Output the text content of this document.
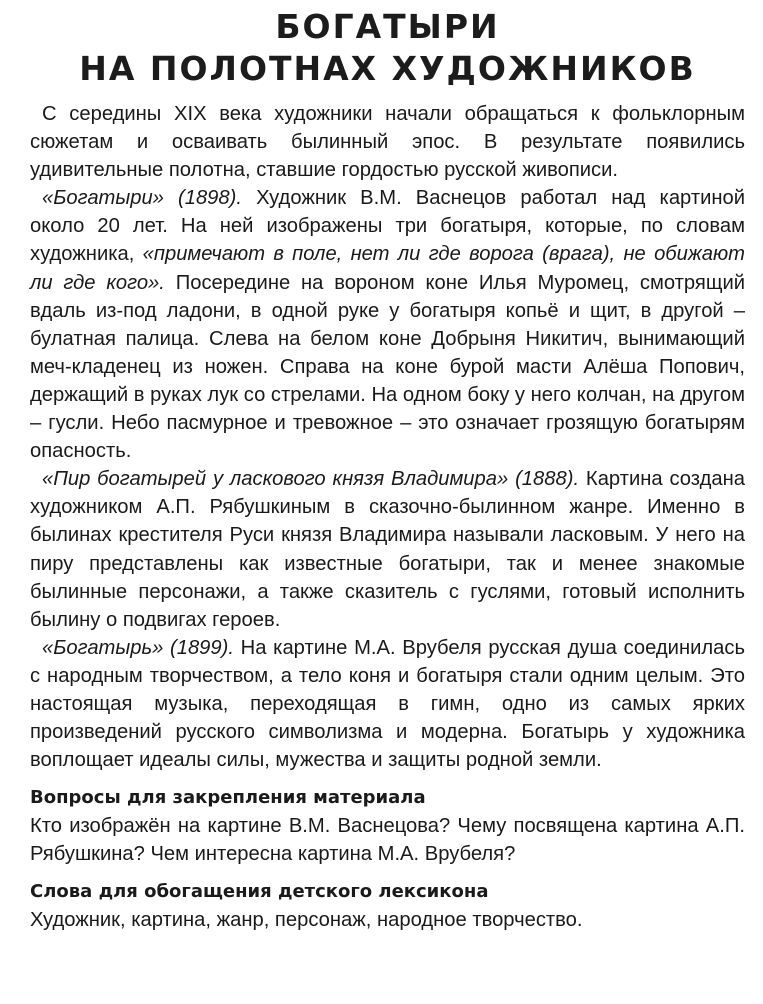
БОГАТЫРИ
НА ПОЛОТНАХ ХУДОЖНИКОВ

С середины XIX века художники начали обращаться к фольклорным сюжетам и осваивать былинный эпос. В результате появились удивительные полотна, ставшие гордостью русской живописи.

«Богатыри» (1898). Художник В.М. Васнецов работал над картиной около 20 лет. На ней изображены три богатыря, которые, по словам художника, «примечают в поле, нет ли где ворога (врага), не обижают ли где кого». Посередине на вороном коне Илья Муромец, смотрящий вдаль из-под ладони, в одной руке у богатыря копьё и щит, в другой – булатная палица. Слева на белом коне Добрыня Никитич, вынимающий меч-кладенец из ножен. Справа на коне бурой масти Алёша Попович, держащий в руках лук со стрелами. На одном боку у него колчан, на другом – гусли. Небо пасмурное и тревожное – это означает грозящую богатырям опасность.

«Пир богатырей у ласкового князя Владимира» (1888). Картина создана художником А.П. Рябушкиным в сказочно-былинном жанре. Именно в былинах крестителя Руси князя Владимира называли ласковым. У него на пиру представлены как известные богатыри, так и менее знакомые былинные персонажи, а также сказитель с гуслями, готовый исполнить былину о подвигах героев.

«Богатырь» (1899). На картине М.А. Врубеля русская душа соединилась с народным творчеством, а тело коня и богатыря стали одним целым. Это настоящая музыка, переходящая в гимн, одно из самых ярких произведений русского символизма и модерна. Богатырь у художника воплощает идеалы силы, мужества и защиты родной земли.

Вопросы для закрепления материала

Кто изображён на картине В.М. Васнецова? Чему посвящена картина А.П. Рябушкина? Чем интересна картина М.А. Врубеля?

Слова для обогащения детского лексикона

Художник, картина, жанр, персонаж, народное творчество.
